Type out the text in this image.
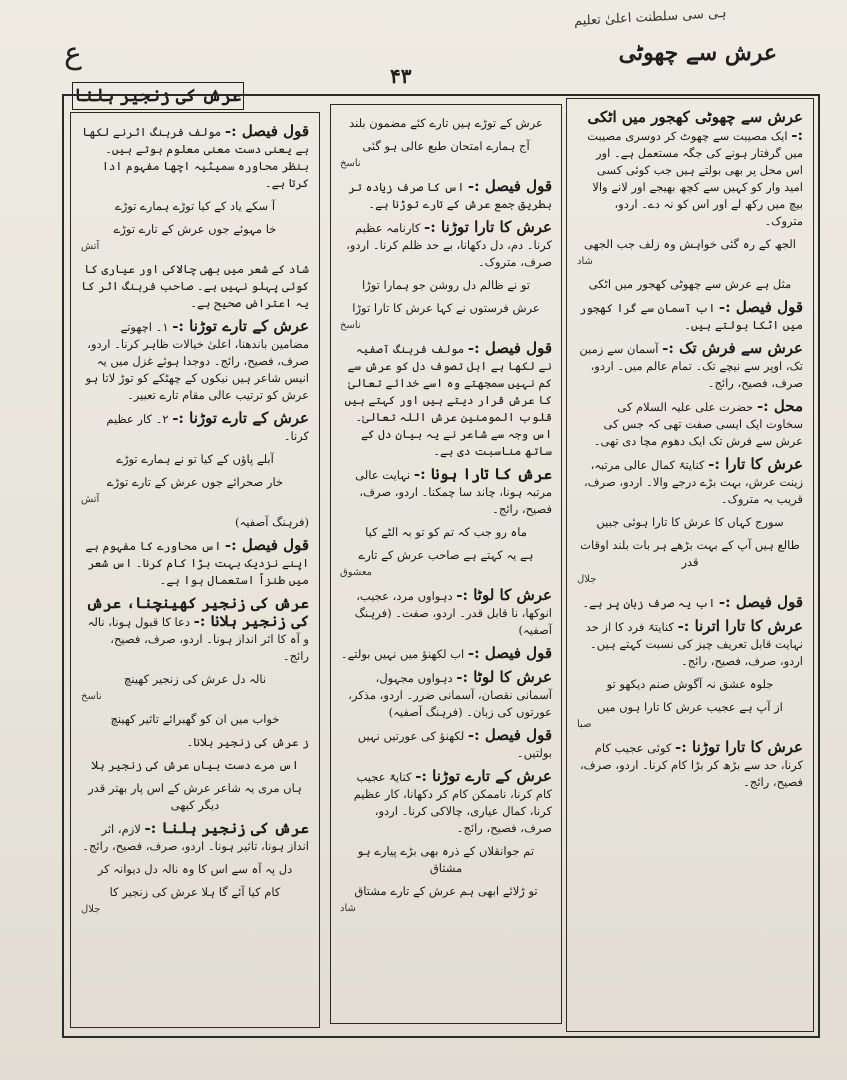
ہی سی سلطنت اعلیٰ تعلیم
ع	عرش سے چھوٹی
۴۳
عرش کی زنجیر ہلنا

عرش سے چھوٹی کھجور میں اٹکی :- ایک مصیبت سے چھوٹ کر دوسری مصیبت میں گرفتار ہونے کی جگہ مستعمل ہے۔ اور اس محل پر بھی بولتے ہیں جب کوئی کسی امید وار کو کہیں سے کچھ بھیجے اور لانے والا بیچ میں رکھ لے اور اس کو نہ دے۔ اردو، متروک۔

الجھ کے رہ گئی خواہش وہ زلف جب الجھی
شاد
مثل ہے عرش سے چھوٹی کھجور میں اٹکی

قول فیصل :- اب آسمان سے گرا کھجور میں اٹکا بولتے ہیں۔

عرش سے فرش تک :- آسمان سے زمین تک، اوپر سے نیچے تک۔ تمام عالم میں۔ اردو، صرف، فصیح، رائج۔

محل :- حضرت علی علیہ السلام کی سخاوت ایک ایسی صفت تھی کہ جس کی عرش سے فرش تک ایک دھوم مچا دی تھی۔

عرش کا تارا :- کنایتہً کمال عالی مرتبہ، زینت عرش، بہت بڑے درجے والا۔ اردو، صرف، قریب بہ متروک۔

سورج کہاں کا عرش کا تارا ہوئی جبیں
طالع ہیں آپ کے بہت بڑھے ہر بات بلند اوقات قدر
جلال

قول فیصل :- اب یہ صرف زبان پر ہے۔

عرش کا تارا اترنا :- کنایتہً فرد کا از حد نہایت قابل تعریف چیز کی نسبت کہتے ہیں۔ اردو، صرف، فصیح، رائج۔

جلوہ عشق نہ آگوش صنم دیکھو تو
از آپ ہے عجیب عرش کا تارا ہوں میں
صبا

عرش کا تارا توڑنا :- کوئی عجیب کام کرنا، حد سے بڑھ کر بڑا کام کرنا۔ اردو، صرف، فصیح، رائج۔

عرش کے توڑے ہیں تارے کئے مضمون بلند
آج ہمارے امتحان طبع عالی ہو گئی
ناسخ

قول فیصل :- اس کا صرف زیادہ تر بطریق جمع عرش کے تارے توڑنا ہے۔

عرش کا تارا توڑنا :- کارنامہ عظیم کرنا۔ دم، دل دکھانا، بے حد ظلم کرنا۔ اردو، صرف، متروک۔

تو نے ظالم دل روشن جو ہمارا توڑا
عرش فرستوں نے کہا عرش کا تارا توڑا
ناسخ

قول فیصل :- مولف فرہنگ آصفیہ نے لکھا ہے اہل تصوف دل کو عرش سے کم نہیں سمجھتے وہ اسے خدائے تعالیٰ کا عرش قرار دیتے ہیں اور کہتے ہیں قلوب المومنین عرش اللہ تعالیٰ۔ اس وجہ سے شاعر نے یہ بیان دل کے ساتھ مناسبت دی ہے۔

عرش کا تارا ہونا :- نہایت عالی مرتبہ ہونا، چاند سا چمکنا۔ اردو، صرف، فصیح، رائج۔

ماہ رو جب کہ تم کو تو بہ الٹے کیا
ہے یہ کہتے ہے صاحب عرش کے تارے
معشوق

عرش کا لوٹا :- دہواوں مرد، عجیب، انوکھا، نا قابل قدر۔ اردو، صفت۔ (فرہنگ آصفیہ)

قول فیصل :- اب لکھنؤ میں نہیں بولتے۔

عرش کا لوٹا :- دہواوں مجہول، آسمانی نقصان، آسمانی ضرر۔ اردو، مذکر، عورتوں کی زبان۔ (فرہنگ آصفیہ)

قول فیصل :- لکھنؤ کی عورتیں نہیں بولتیں۔

عرش کے تارے توڑنا :- کنایۃً عجیب کام کرنا، ناممکن کام کر دکھانا، کار عظیم کرنا، کمال عیاری، چالاکی کرنا۔ اردو، صرف، فصیح، رائج۔

تم جوانقلاں کے ذرہ بھی بڑے پیارے ہو مشتاق
تو ڑلائے ابھی ہم عرش کے تارے مشتاق
شاد

قول فیصل :- مولف فرہنگ اثرنے لکھا ہے یعنی دست معنی معلوم ہوتے ہیں۔ بنظر محاورہ سمیٹیہ اچھا مفہوم ادا کرتا ہے۔

آ سکے یاد کے کیا توڑے ہمارے توڑے
خا مہوئے جوں عرش کے تارے توڑے
آتش

شاد کے شعر میں بھی چالاکی اور عیاری کا کوئی پہلو نہیں ہے۔ صاحب فرہنگ اثر کا یہ اعتراض صحیح ہے۔

عرش کے تارے توڑنا :- ۱۔ اچھوتے مضامین باندھنا، اعلیٰ خیالات ظاہر کرنا۔ اردو، صرف، فصیح، رائج۔ دوجدا ہوئے غزل میں یہ انیس شاعر ہیں نیکوں کے چھٹکے کو توڑ لاتا ہو عرش کو ترتیب عالی مقام تارے تعبیر۔

عرش کے تارے توڑنا :- ۲۔ کار عظیم کرنا۔

آبلے پاؤں کے کیا تو نے ہمارے توڑے
خار صحرائے جوں عرش کے تارے توڑے
آتش

(فرہنگ آصفیہ)

قول فیصل :- اس محاورے کا مفہوم ہے اپنے نزدیک بہت بڑا کام کرنا۔ اس شعر میں طنزاً استعمال ہوا ہے۔

عرش کی زنجیر کھینچنا، عرش کی زنجیر ہلانا :- دعا کا قبول ہونا، نالہ و آہ کا اثر انداز ہونا۔ اردو، صرف، فصیح، رائج۔

نالہ دل عرش کی زنجیر کھینچ
ناسخ
خواب میں ان کو گھبرائے تاثیر کھینچ

ز عرش کی زنجیر ہلانا۔

اس مرے دست بیاں عرش کی زنجیر ہلا
ہاں مری یہ شاعر عرش کے اس پار بھتر قدر دیگر کبھی

عرش کی زنجیر ہلنا :- لازم، اثر انداز ہونا، تاثیر ہونا۔ اردو، صرف، فصیح، رائج۔

دل پہ آہ سے اس کا وہ نالہ دل دیوانہ کر
کام کیا آئے گا ہلا عرش کی زنجیر کا
جلال
